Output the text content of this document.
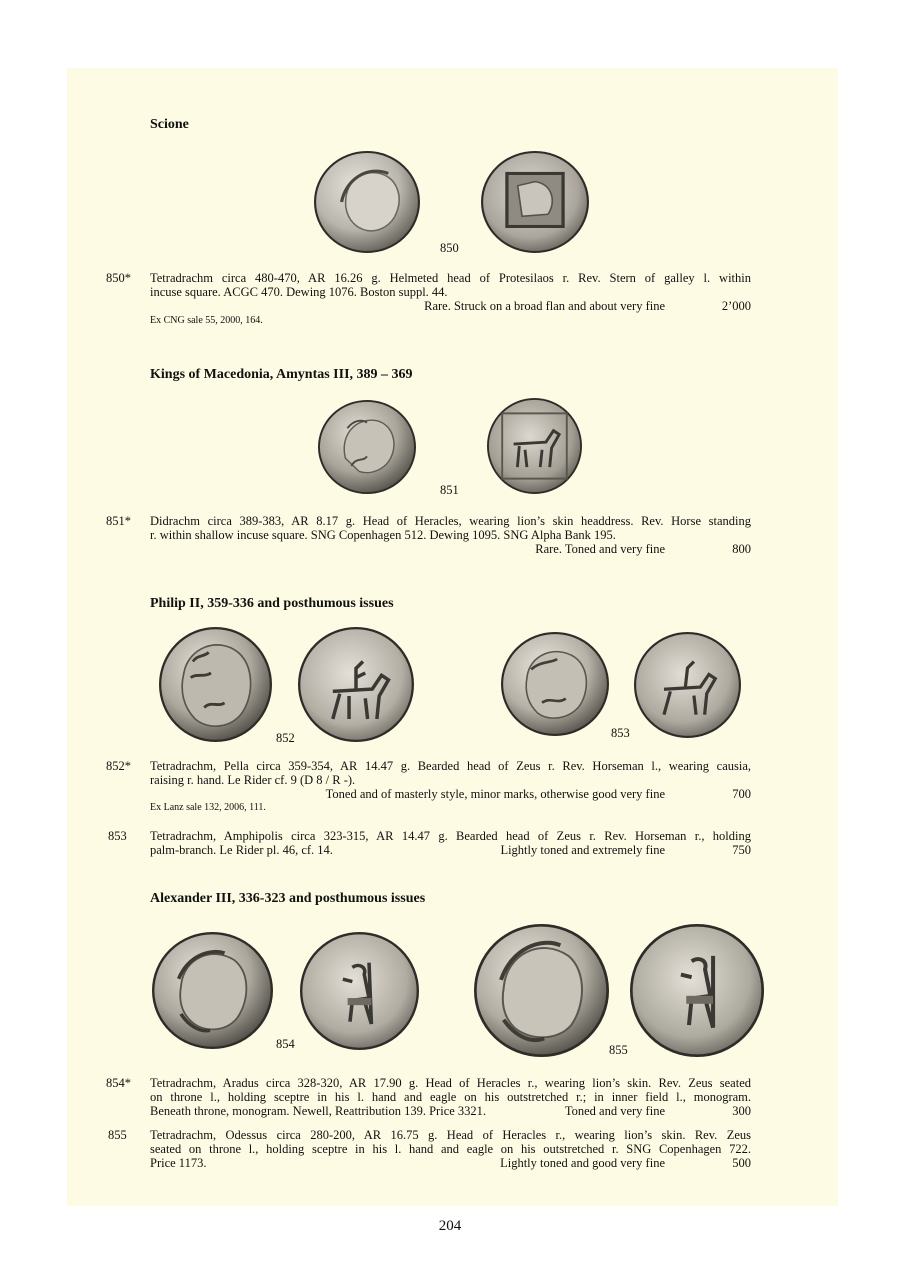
Scione
850
850* Tetradrachm circa 480-470, AR 16.26 g. Helmeted head of Protesilaos r. Rev. Stern of galley l. within
incuse square. ACGC 470. Dewing 1076. Boston suppl. 44.
Rare. Struck on a broad flan and about very fine	2’000
Ex CNG sale 55, 2000, 164.
Kings of Macedonia, Amyntas III, 389 – 369
851
851* Didrachm circa 389-383, AR 8.17 g. Head of Heracles, wearing lion’s skin headdress. Rev. Horse standing
r. within shallow incuse square. SNG Copenhagen 512. Dewing 1095. SNG Alpha Bank 195.
Rare. Toned and very fine	800
Philip II, 359-336 and posthumous issues
852	853
852* Tetradrachm, Pella circa 359-354, AR 14.47 g. Bearded head of Zeus r. Rev. Horseman l., wearing causia,
raising r. hand. Le Rider cf. 9 (D 8 / R -).
Toned and of masterly style, minor marks, otherwise good very fine	700
Ex Lanz sale 132, 2006, 111.
853 Tetradrachm, Amphipolis circa 323-315, AR 14.47 g. Bearded head of Zeus r. Rev. Horseman r., holding
palm-branch. Le Rider pl. 46, cf. 14.	Lightly toned and extremely fine	750
Alexander III, 336-323 and posthumous issues
854	855
854* Tetradrachm, Aradus circa 328-320, AR 17.90 g. Head of Heracles r., wearing lion’s skin. Rev. Zeus seated
on throne l., holding sceptre in his l. hand and eagle on his outstretched r.; in inner field l., monogram.
Beneath throne, monogram. Newell, Reattribution 139. Price 3321.	Toned and very fine	300
855 Tetradrachm, Odessus circa 280-200, AR 16.75 g. Head of Heracles r., wearing lion’s skin. Rev. Zeus
seated on throne l., holding sceptre in his l. hand and eagle on his outstretched r. SNG Copenhagen 722.
Price 1173.	Lightly toned and good very fine	500
204
